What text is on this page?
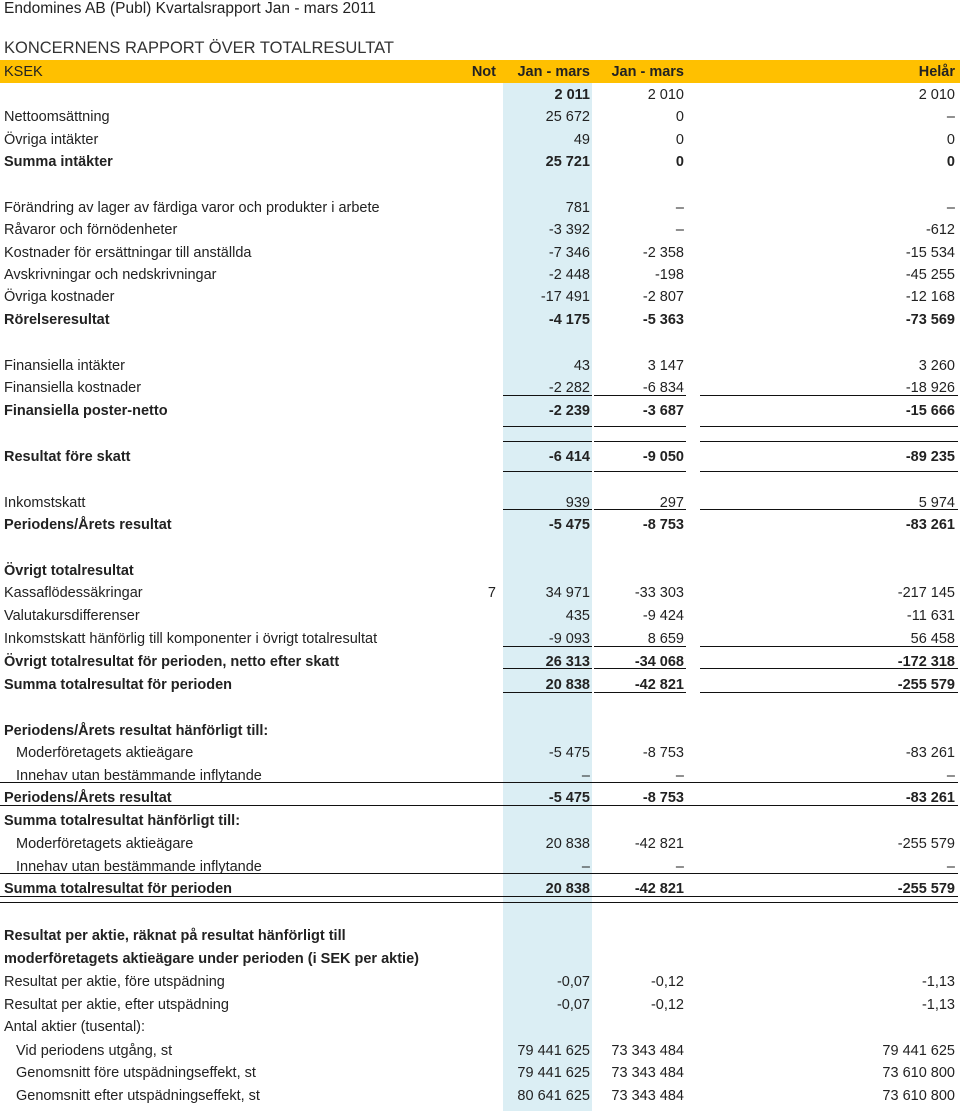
Endomines AB (Publ) Kvartalsrapport Jan - mars 2011
KONCERNENS RAPPORT ÖVER TOTALRESULTAT
KSEK	Not	Jan - mars	Jan - mars	Helår
2 011	2 010	2 010
Nettoomsättning	25 672	0	–
Övriga intäkter	49	0	0
Summa intäkter	25 721	0	0
Förändring av lager av färdiga varor och produkter i arbete	781	–	–
Råvaror och förnödenheter	-3 392	–	-612
Kostnader för ersättningar till anställda	-7 346	-2 358	-15 534
Avskrivningar och nedskrivningar	-2 448	-198	-45 255
Övriga kostnader	-17 491	-2 807	-12 168
Rörelseresultat	-4 175	-5 363	-73 569
Finansiella intäkter	43	3 147	3 260
Finansiella kostnader	-2 282	-6 834	-18 926
Finansiella poster-netto	-2 239	-3 687	-15 666
Resultat före skatt	-6 414	-9 050	-89 235
Inkomstskatt	939	297	5 974
Periodens/Årets resultat	-5 475	-8 753	-83 261
Övrigt totalresultat
Kassaflödessäkringar	7	34 971	-33 303	-217 145
Valutakursdifferenser	435	-9 424	-11 631
Inkomstskatt hänförlig till komponenter i övrigt totalresultat	-9 093	8 659	56 458
Övrigt totalresultat för perioden, netto efter skatt	26 313	-34 068	-172 318
Summa totalresultat för perioden	20 838	-42 821	-255 579
Periodens/Årets resultat hänförligt till:
Moderföretagets aktieägare	-5 475	-8 753	-83 261
Innehav utan bestämmande inflytande	–	–	–
Periodens/Årets resultat	-5 475	-8 753	-83 261
Summa totalresultat hänförligt till:
Moderföretagets aktieägare	20 838	-42 821	-255 579
Innehav utan bestämmande inflytande	–	–	–
Summa totalresultat för perioden	20 838	-42 821	-255 579
Resultat per aktie, räknat på resultat hänförligt till
moderföretagets aktieägare under perioden (i SEK per aktie)
Resultat per aktie, före utspädning	-0,07	-0,12	-1,13
Resultat per aktie, efter utspädning	-0,07	-0,12	-1,13
Antal aktier (tusental):
Vid periodens utgång, st	79 441 625	73 343 484	79 441 625
Genomsnitt före utspädningseffekt, st	79 441 625	73 343 484	73 610 800
Genomsnitt efter utspädningseffekt, st	80 641 625	73 343 484	73 610 800
